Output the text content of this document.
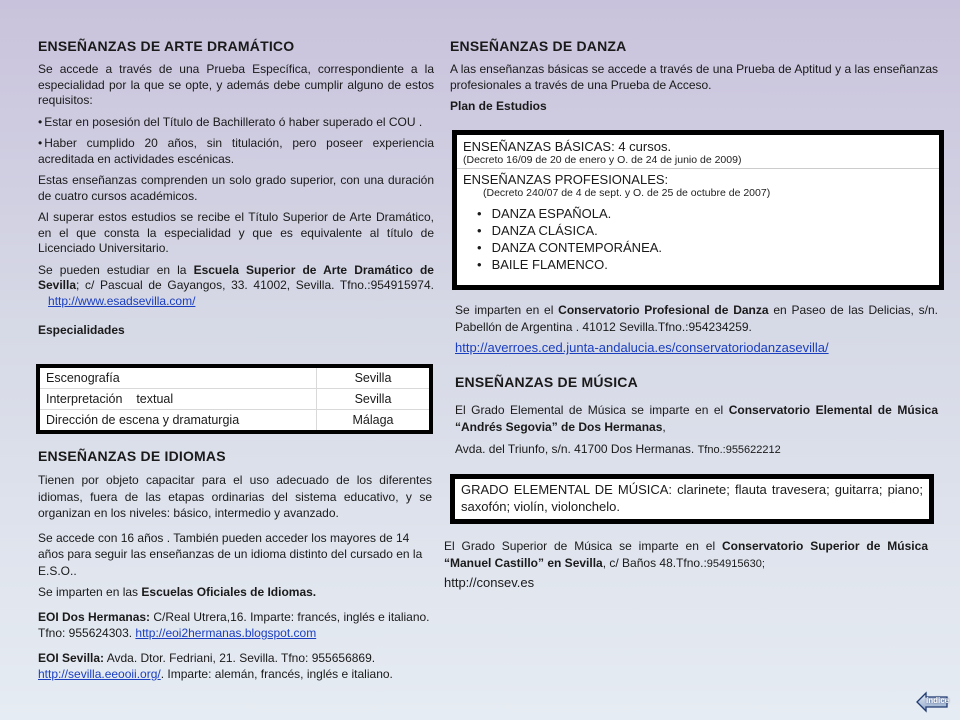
ENSEÑANZAS DE ARTE DRAMÁTICO

Se accede a través de una Prueba Específica, correspondiente a la especialidad por la que se opte, y además debe cumplir alguno de estos requisitos:

• Estar en posesión del Título de Bachillerato ó haber superado el COU .

• Haber cumplido 20 años, sin titulación, pero poseer experiencia acreditada en actividades escénicas.

Estas enseñanzas comprenden un solo grado superior, con una duración de cuatro cursos académicos.

Al superar estos estudios se recibe el Título Superior de Arte Dramático, en el que consta la especialidad y que es equivalente al título de Licenciado Universitario.

Se pueden estudiar en la Escuela Superior de Arte Dramático de Sevilla; c/ Pascual de Gayangos, 33. 41002, Sevilla. Tfno.:954915974.    http://www.esadsevilla.com/

Especialidades

Escenografía	Sevilla
Interpretación    textual	Sevilla
Dirección de escena y dramaturgia	Málaga
ENSEÑANZAS DE IDIOMAS

Tienen por objeto capacitar para el uso adecuado de los diferentes idiomas, fuera de las etapas ordinarias del sistema educativo, y se organizan en los niveles: básico, intermedio y avanzado.

Se accede con 16 años . También pueden acceder los mayores de 14 años para seguir las enseñanzas de un idioma distinto del cursado en la E.S.O..

Se imparten en las Escuelas Oficiales de Idiomas.

EOI Dos Hermanas: C/Real Utrera,16. Imparte: francés, inglés e italiano. Tfno: 955624303. http://eoi2hermanas.blogspot.com

EOI Sevilla: Avda. Dtor. Fedriani, 21. Sevilla. Tfno: 955656869. http://sevilla.eeooii.org/. Imparte: alemán, francés, inglés e italiano.

ENSEÑANZAS DE DANZA

A las enseñanzas básicas se accede a través de una Prueba de Aptitud y a las enseñanzas profesionales a través de una Prueba de Acceso.

Plan de Estudios

ENSEÑANZAS BÁSICAS: 4 cursos.
(Decreto 16/09 de 20 de enero y O. de 24 de junio de 2009)
ENSEÑANZAS PROFESIONALES:
(Decreto 240/07 de 4 de sept. y O. de 25 de octubre de 2007)
• DANZA ESPAÑOLA.
• DANZA CLÁSICA.
• DANZA CONTEMPORÁNEA.
• BAILE FLAMENCO.

Se imparten en el Conservatorio Profesional de Danza en Paseo de las Delicias, s/n. Pabellón de Argentina . 41012 Sevilla.Tfno.:954234259.

http://averroes.ced.junta-andalucia.es/conservatoriodanzasevilla/

ENSEÑANZAS DE MÚSICA

El Grado Elemental de Música se imparte en el Conservatorio Elemental de Música “Andrés Segovia” de Dos Hermanas,

Avda. del Triunfo, s/n. 41700 Dos Hermanas. Tfno.:955622212

GRADO ELEMENTAL DE MÚSICA: clarinete; flauta travesera; guitarra; piano; saxofón; violín, violonchelo.

El Grado Superior de Música se imparte en el Conservatorio Superior de Música “Manuel Castillo” en Sevilla, c/ Baños 48.Tfno.:954915630;

http://consev.es

índice
